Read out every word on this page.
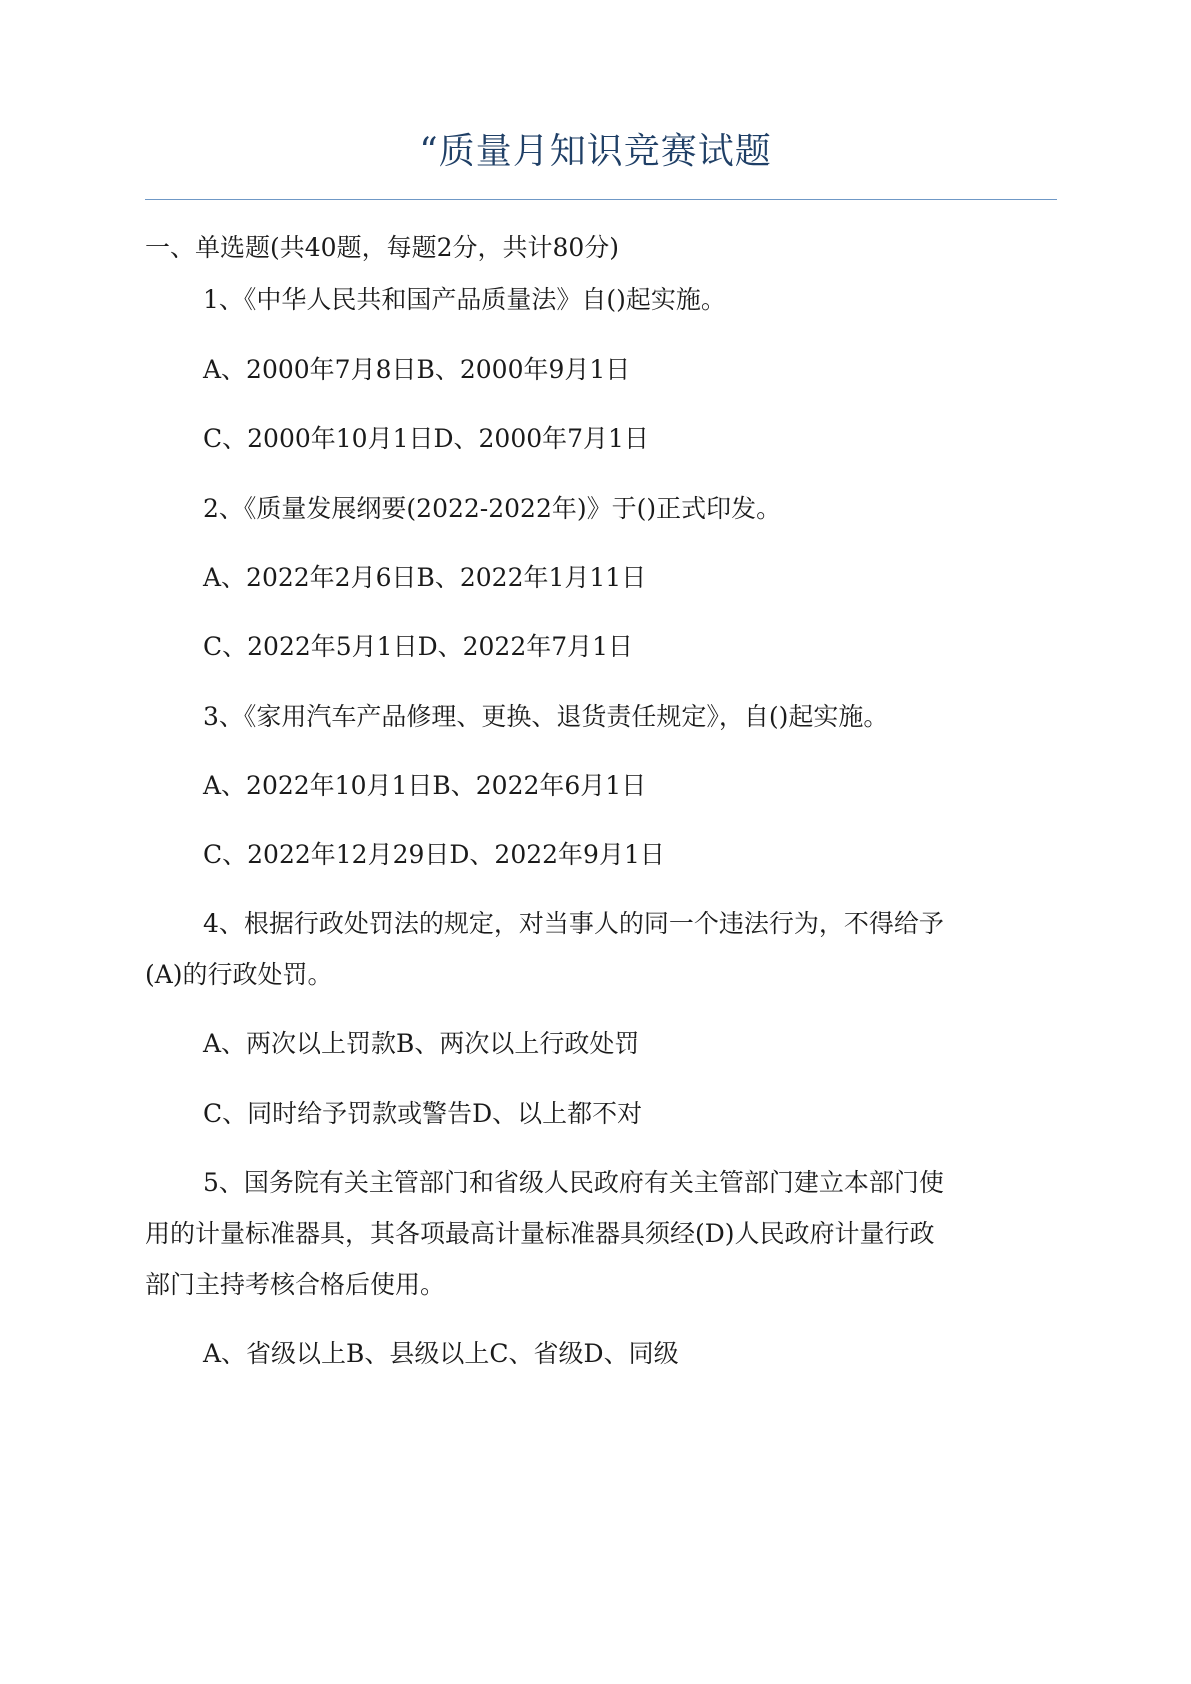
“质量月知识竞赛试题
一、单选题(共40题，每题2分，共计80分)
1、《中华人民共和国产品质量法》自()起实施。
A、2000年7月8日B、2000年9月1日
C、2000年10月1日D、2000年7月1日
2、《质量发展纲要(2022-2022年)》于()正式印发。
A、2022年2月6日B、2022年1月11日
C、2022年5月1日D、2022年7月1日
3、《家用汽车产品修理、更换、退货责任规定》，自()起实施。
A、2022年10月1日B、2022年6月1日
C、2022年12月29日D、2022年9月1日
4、根据行政处罚法的规定，对当事人的同一个违法行为，不得给予
(A)的行政处罚。
A、两次以上罚款B、两次以上行政处罚
C、同时给予罚款或警告D、以上都不对
5、国务院有关主管部门和省级人民政府有关主管部门建立本部门使
用的计量标准器具，其各项最高计量标准器具须经(D)人民政府计量行政
部门主持考核合格后使用。
A、省级以上B、县级以上C、省级D、同级
